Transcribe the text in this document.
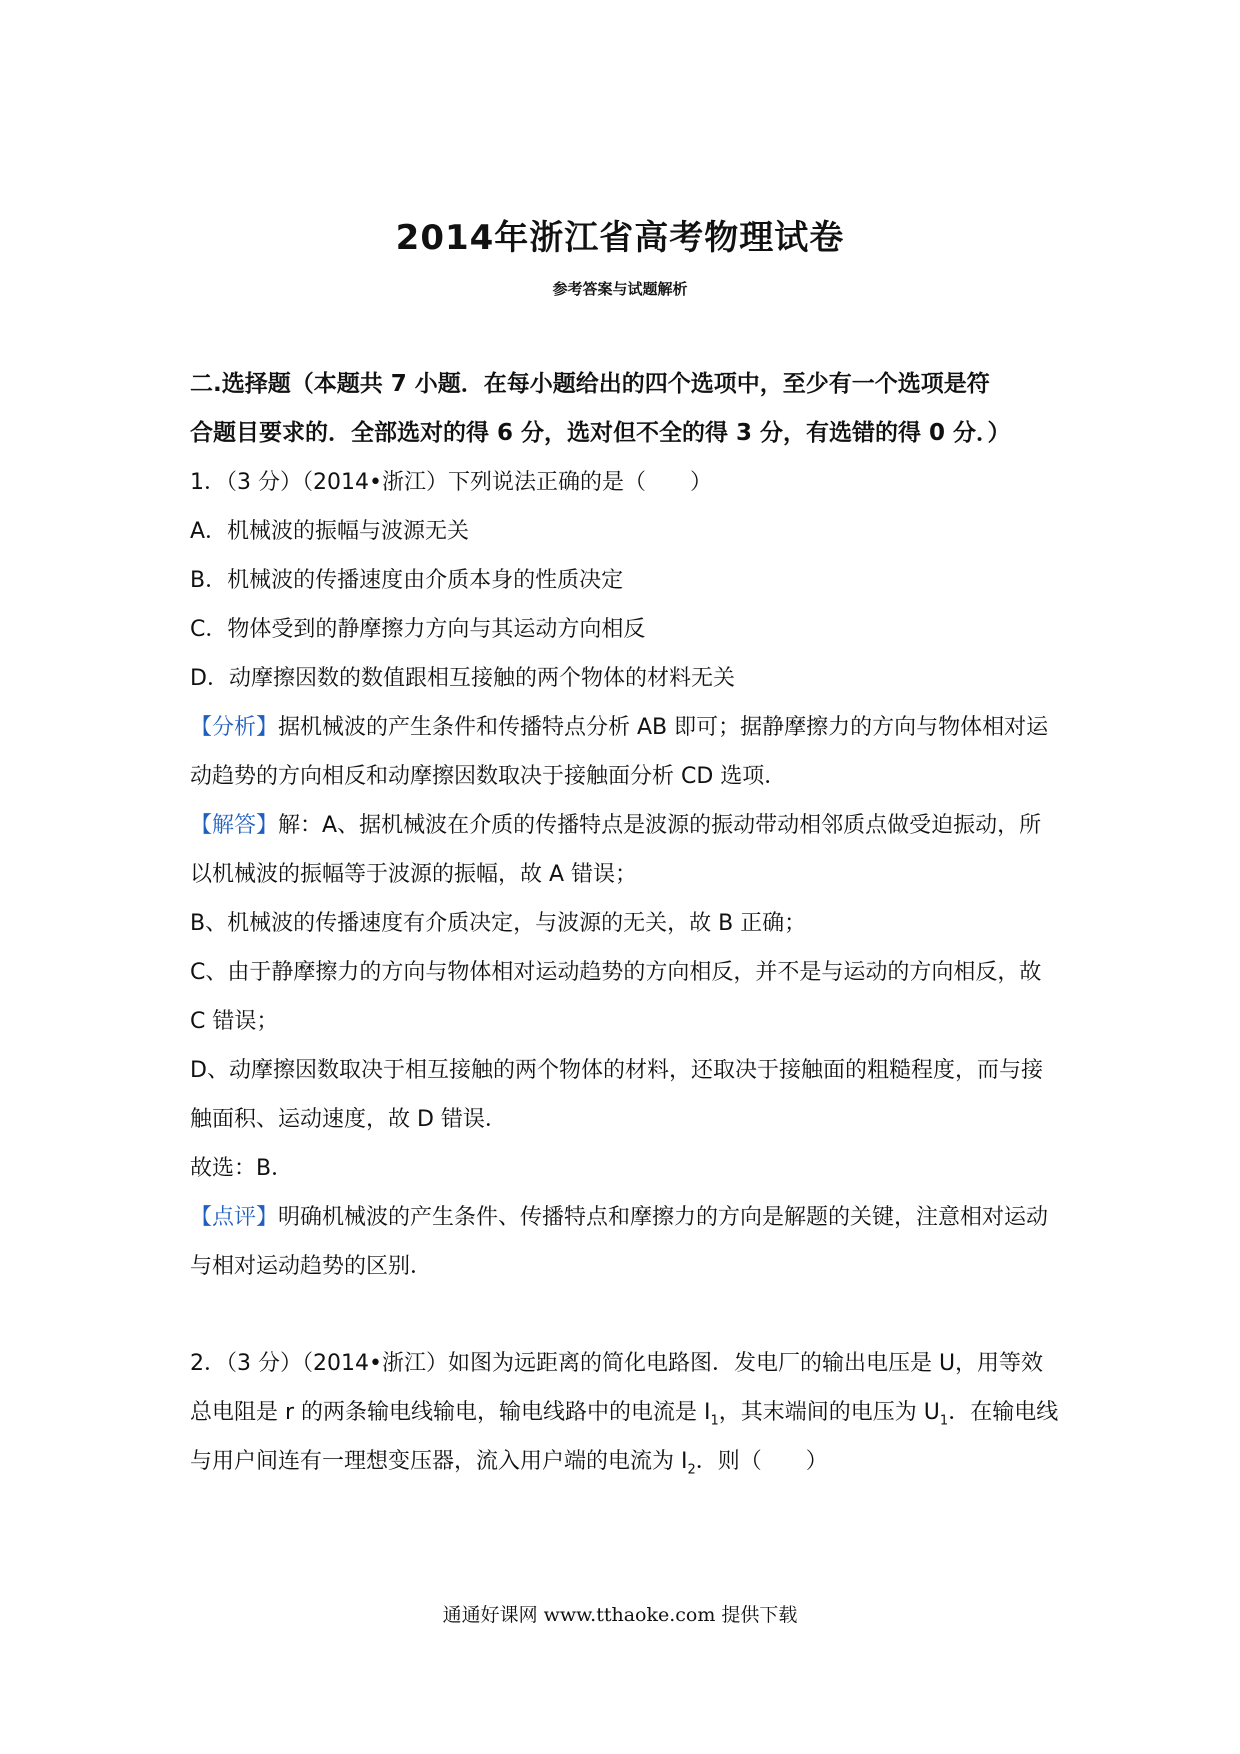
2014年浙江省高考物理试卷
参考答案与试题解析

二.选择题（本题共 7 小题．在每小题给出的四个选项中，至少有一个选项是符

合题目要求的．全部选对的得 6 分，选对但不全的得 3 分，有选错的得 0 分．）

1．（3 分）（2014•浙江）下列说法正确的是（　　）

A．机械波的振幅与波源无关

B．机械波的传播速度由介质本身的性质决定

C．物体受到的静摩擦力方向与其运动方向相反

D．动摩擦因数的数值跟相互接触的两个物体的材料无关

【分析】据机械波的产生条件和传播特点分析 AB 即可；据静摩擦力的方向与物体相对运动趋势的方向相反和动摩擦因数取决于接触面分析 CD 选项．

【解答】解：A、据机械波在介质的传播特点是波源的振动带动相邻质点做受迫振动，所以机械波的振幅等于波源的振幅，故 A 错误；

B、机械波的传播速度有介质决定，与波源的无关，故 B 正确；

C、由于静摩擦力的方向与物体相对运动趋势的方向相反，并不是与运动的方向相反，故 C 错误；

D、动摩擦因数取决于相互接触的两个物体的材料，还取决于接触面的粗糙程度，而与接触面积、运动速度，故 D 错误．

故选：B．

【点评】明确机械波的产生条件、传播特点和摩擦力的方向是解题的关键，注意相对运动与相对运动趋势的区别．

2．（3 分）（2014•浙江）如图为远距离的简化电路图．发电厂的输出电压是 U，用等效总电阻是 r 的两条输电线输电，输电线路中的电流是 $I_1$，其末端间的电压为 $U_1$．在输电线与用户间连有一理想变压器，流入用户端的电流为 $I_2$．则（　　）

通通好课网 www.tthaoke.com 提供下载
